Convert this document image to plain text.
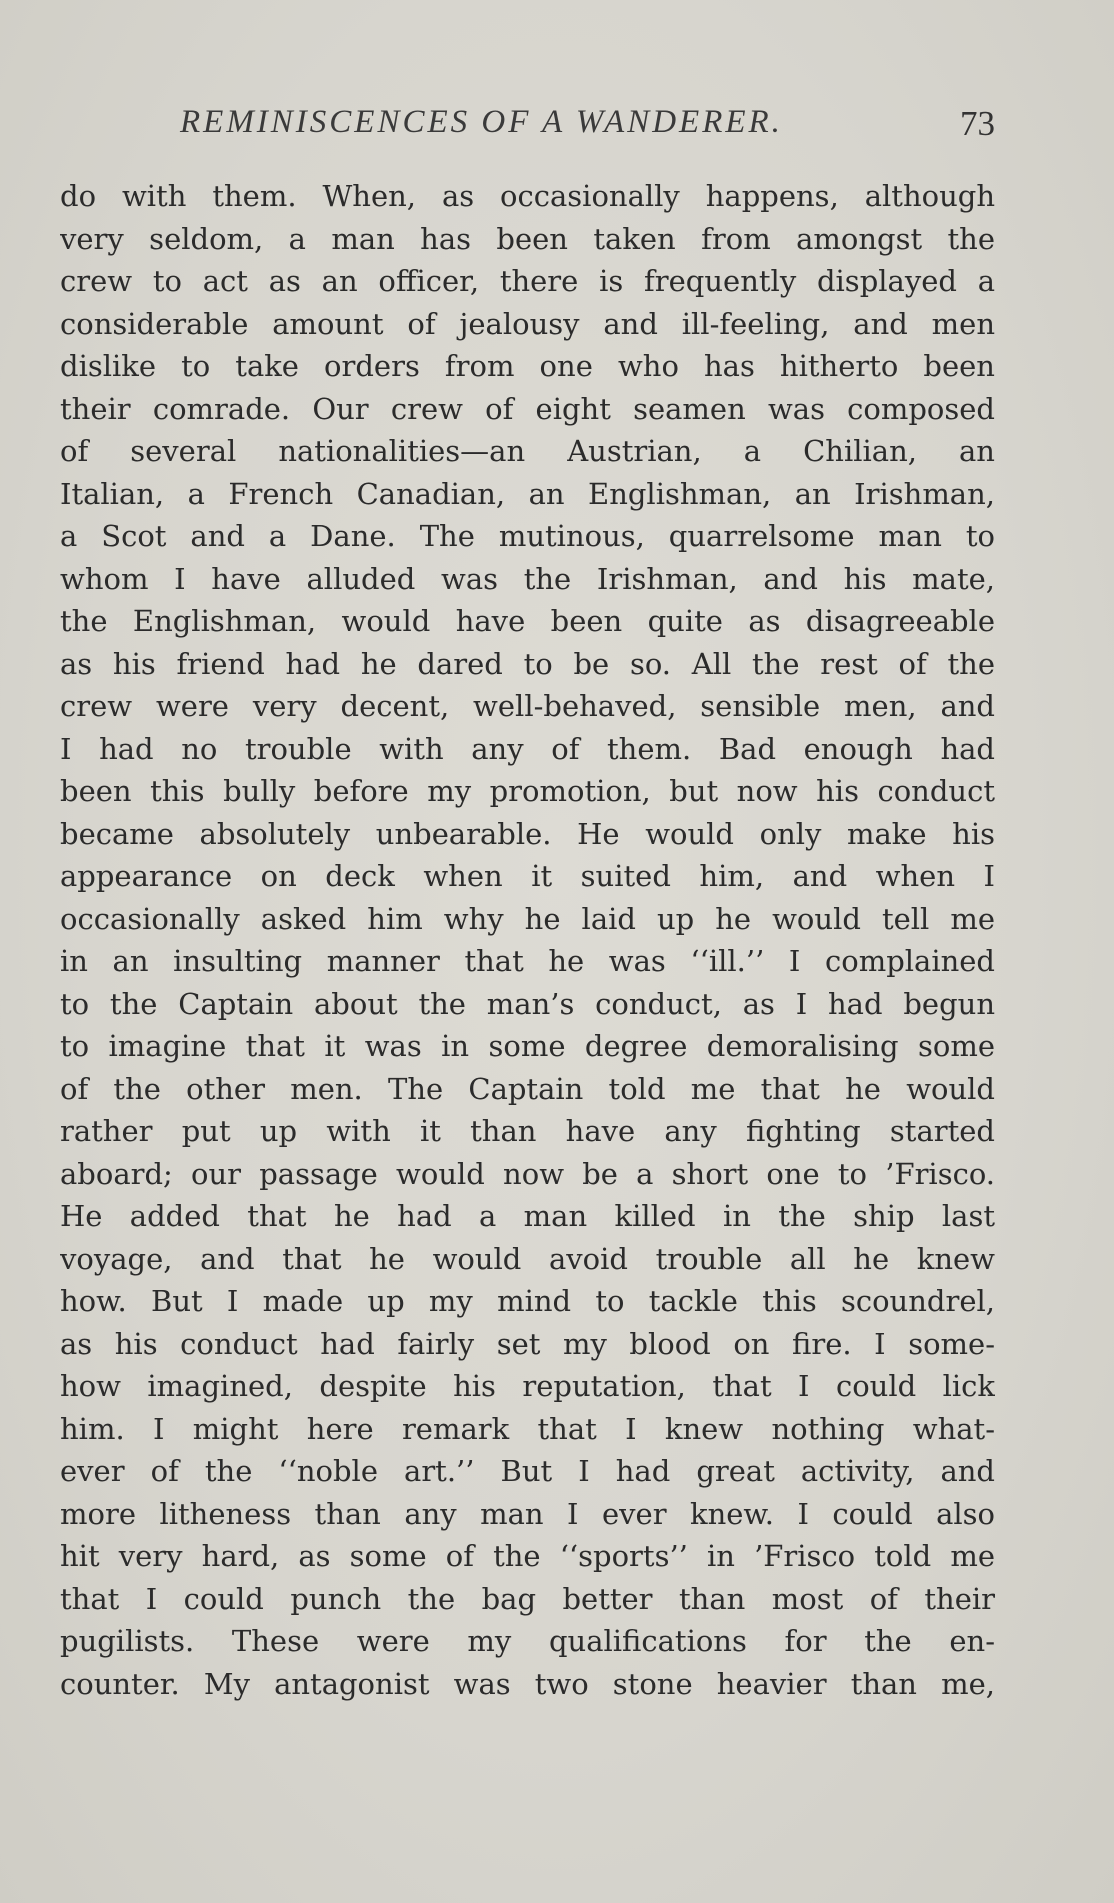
REMINISCENCES OF A WANDERER.	73
do with them. When, as occasionally happens, although
very seldom, a man has been taken from amongst the
crew to act as an officer, there is frequently displayed a
considerable amount of jealousy and ill-feeling, and men
dislike to take orders from one who has hitherto been
their comrade. Our crew of eight seamen was composed
of several nationalities—an Austrian, a Chilian, an
Italian, a French Canadian, an Englishman, an Irishman,
a Scot and a Dane. The mutinous, quarrelsome man to
whom I have alluded was the Irishman, and his mate,
the Englishman, would have been quite as disagreeable
as his friend had he dared to be so. All the rest of the
crew were very decent, well-behaved, sensible men, and
I had no trouble with any of them. Bad enough had
been this bully before my promotion, but now his conduct
became absolutely unbearable. He would only make his
appearance on deck when it suited him, and when I
occasionally asked him why he laid up he would tell me
in an insulting manner that he was ‘‘ill.’’ I complained
to the Captain about the man’s conduct, as I had begun
to imagine that it was in some degree demoralising some
of the other men. The Captain told me that he would
rather put up with it than have any fighting started
aboard; our passage would now be a short one to ’Frisco.
He added that he had a man killed in the ship last
voyage, and that he would avoid trouble all he knew
how. But I made up my mind to tackle this scoundrel,
as his conduct had fairly set my blood on fire. I some-
how imagined, despite his reputation, that I could lick
him. I might here remark that I knew nothing what-
ever of the ‘‘noble art.’’ But I had great activity, and
more litheness than any man I ever knew. I could also
hit very hard, as some of the ‘‘sports’’ in ’Frisco told me
that I could punch the bag better than most of their
pugilists. These were my qualifications for the en-
counter. My antagonist was two stone heavier than me,
